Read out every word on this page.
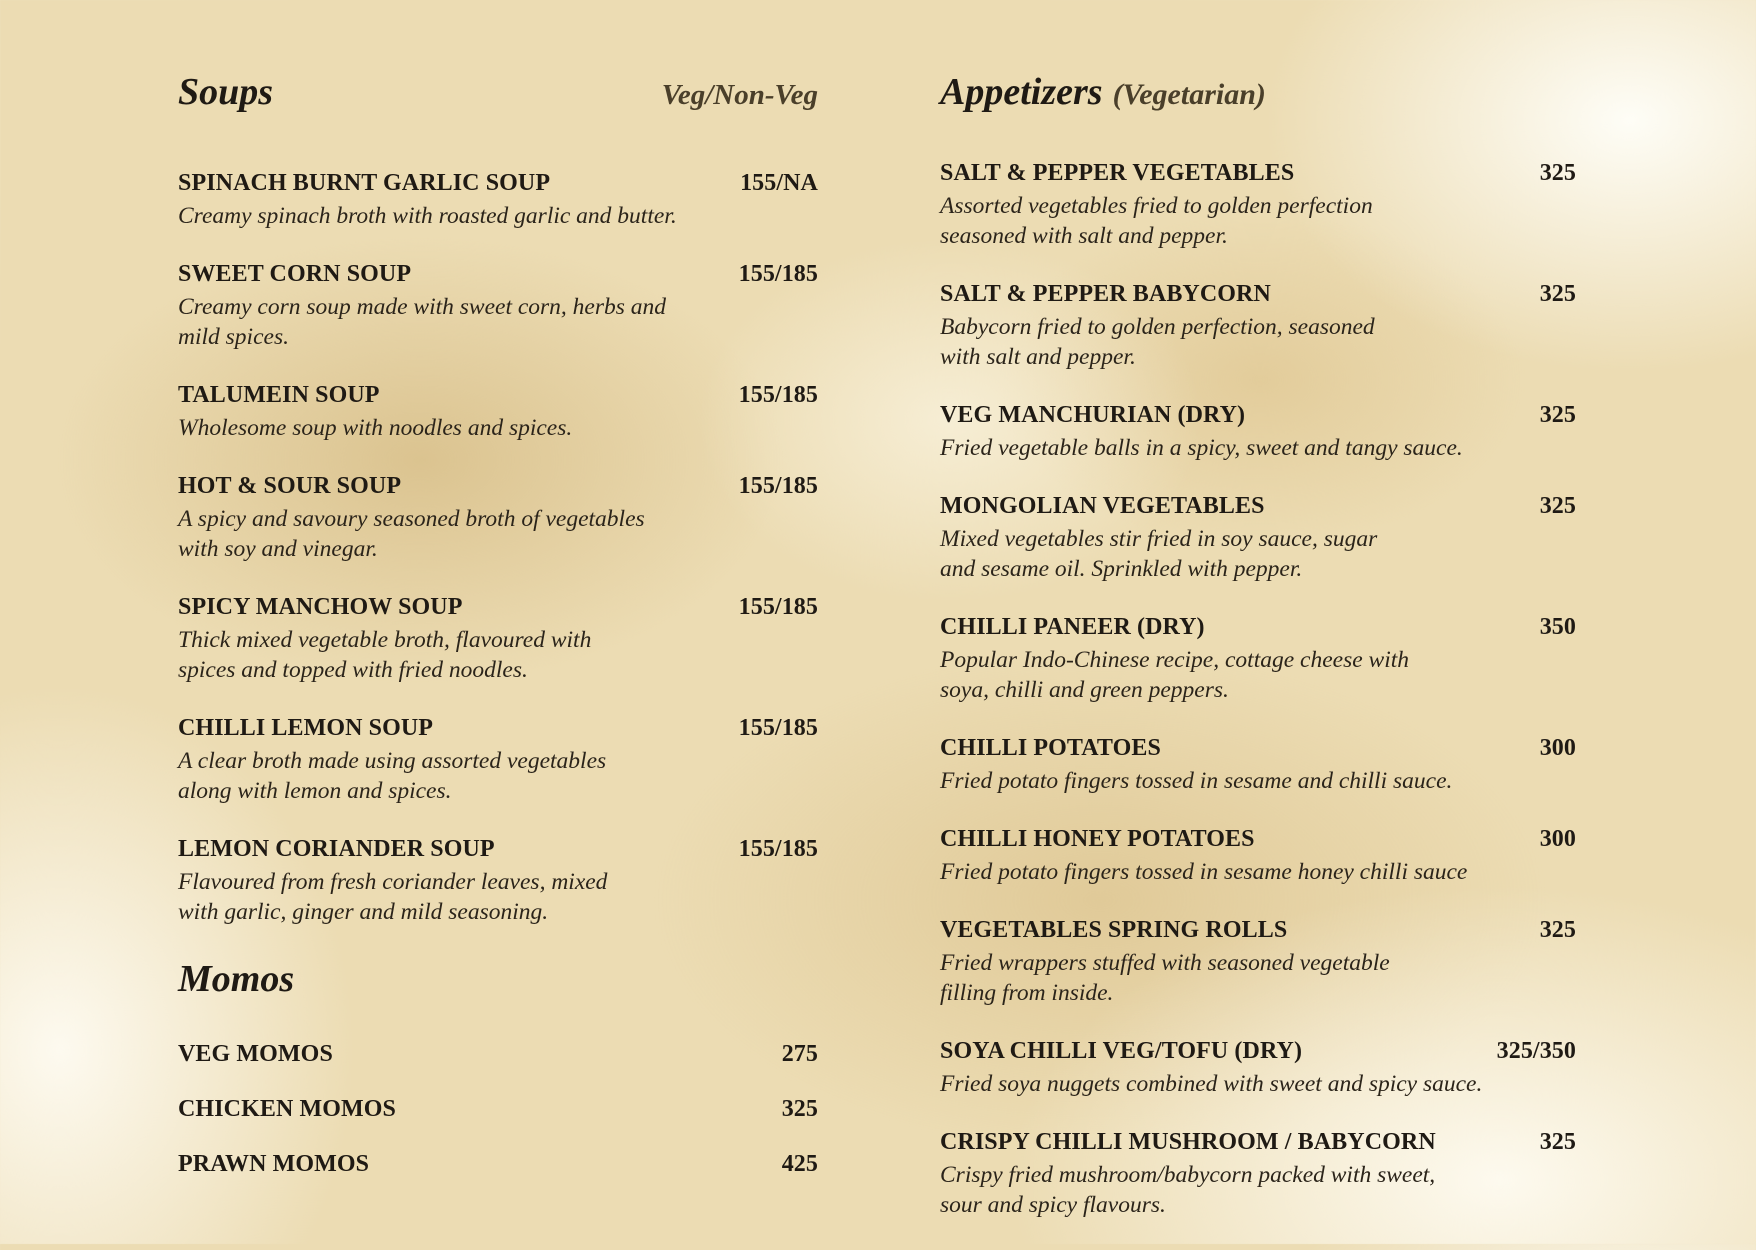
Soups	Veg/Non-Veg
SPINACH BURNT GARLIC SOUP	155/NA
Creamy spinach broth with roasted garlic and butter.
SWEET CORN SOUP	155/185
Creamy corn soup made with sweet corn, herbs and
mild spices.
TALUMEIN SOUP	155/185
Wholesome soup with noodles and spices.
HOT & SOUR SOUP	155/185
A spicy and savoury seasoned broth of vegetables
with soy and vinegar.
SPICY MANCHOW SOUP	155/185
Thick mixed vegetable broth, flavoured with
spices and topped with fried noodles.
CHILLI LEMON SOUP	155/185
A clear broth made using assorted vegetables
along with lemon and spices.
LEMON CORIANDER SOUP	155/185
Flavoured from fresh coriander leaves, mixed
with garlic, ginger and mild seasoning.
Momos
VEG MOMOS	275
CHICKEN MOMOS	325
PRAWN MOMOS	425
Appetizers (Vegetarian)
SALT & PEPPER VEGETABLES	325
Assorted vegetables fried to golden perfection
seasoned with salt and pepper.
SALT & PEPPER BABYCORN	325
Babycorn fried to golden perfection, seasoned
with salt and pepper.
VEG MANCHURIAN (DRY)	325
Fried vegetable balls in a spicy, sweet and tangy sauce.
MONGOLIAN VEGETABLES	325
Mixed vegetables stir fried in soy sauce, sugar
and sesame oil. Sprinkled with pepper.
CHILLI PANEER (DRY)	350
Popular Indo-Chinese recipe, cottage cheese with
soya, chilli and green peppers.
CHILLI POTATOES	300
Fried potato fingers tossed in sesame and chilli sauce.
CHILLI HONEY POTATOES	300
Fried potato fingers tossed in sesame honey chilli sauce
VEGETABLES SPRING ROLLS	325
Fried wrappers stuffed with seasoned vegetable
filling from inside.
SOYA CHILLI VEG/TOFU (DRY)	325/350
Fried soya nuggets combined with sweet and spicy sauce.
CRISPY CHILLI MUSHROOM / BABYCORN	325
Crispy fried mushroom/babycorn packed with sweet,
sour and spicy flavours.
